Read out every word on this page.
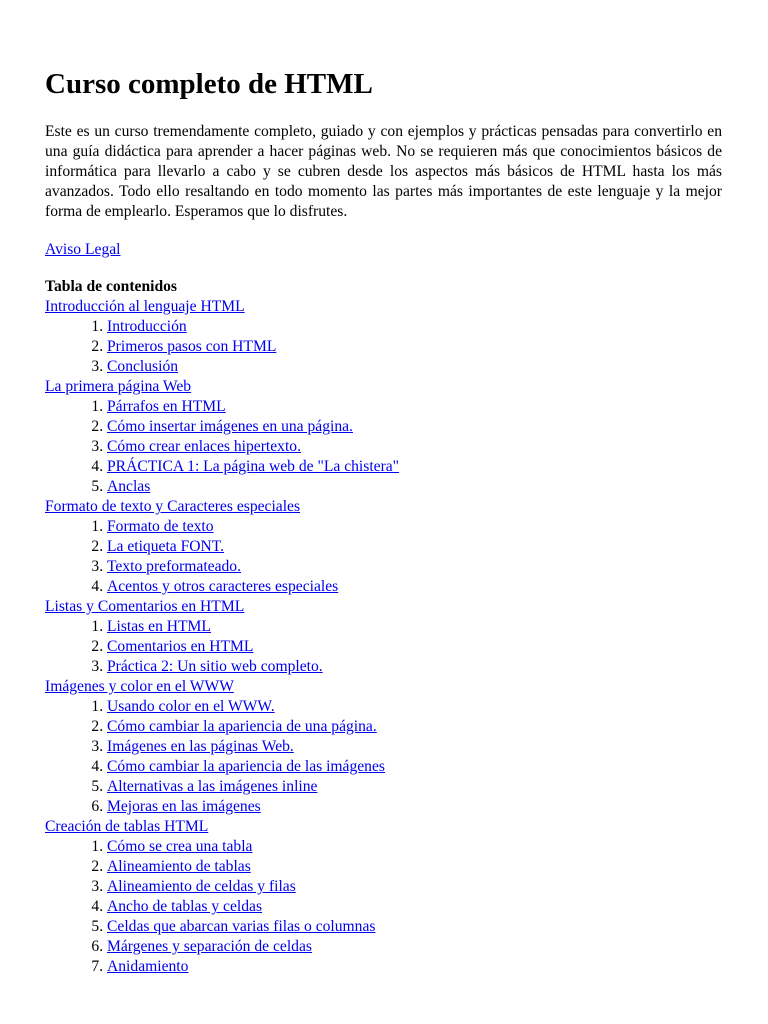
Curso completo de HTML

Este es un curso tremendamente completo, guiado y con ejemplos y prácticas pensadas para convertirlo en una guía didáctica para aprender a hacer páginas web. No se requieren más que conocimientos básicos de informática para llevarlo a cabo y se cubren desde los aspectos más básicos de HTML hasta los más avanzados. Todo ello resaltando en todo momento las partes más importantes de este lenguaje y la mejor forma de emplearlo. Esperamos que lo disfrutes.

Aviso Legal
Tabla de contenidos
Introducción al lenguaje HTML
1. Introducción
2. Primeros pasos con HTML
3. Conclusión
La primera página Web
1. Párrafos en HTML
2. Cómo insertar imágenes en una página.
3. Cómo crear enlaces hipertexto.
4. PRÁCTICA 1: La página web de "La chistera"
5. Anclas
Formato de texto y Caracteres especiales
1. Formato de texto
2. La etiqueta FONT.
3. Texto preformateado.
4. Acentos y otros caracteres especiales
Listas y Comentarios en HTML
1. Listas en HTML
2. Comentarios en HTML
3. Práctica 2: Un sitio web completo.
Imágenes y color en el WWW
1. Usando color en el WWW.
2. Cómo cambiar la apariencia de una página.
3. Imágenes en las páginas Web.
4. Cómo cambiar la apariencia de las imágenes
5. Alternativas a las imágenes inline
6. Mejoras en las imágenes
Creación de tablas HTML
1. Cómo se crea una tabla
2. Alineamiento de tablas
3. Alineamiento de celdas y filas
4. Ancho de tablas y celdas
5. Celdas que abarcan varias filas o columnas
6. Márgenes y separación de celdas
7. Anidamiento
